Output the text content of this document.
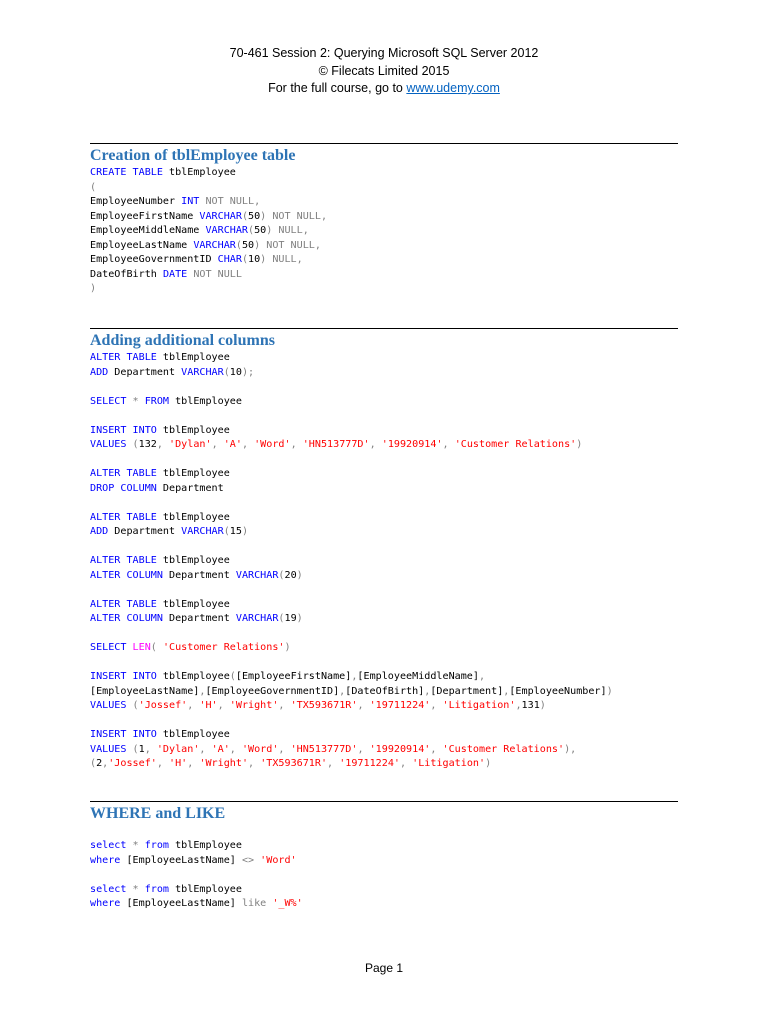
70-461 Session 2: Querying Microsoft SQL Server 2012
© Filecats Limited 2015
For the full course, go to www.udemy.com
Creation of tblEmployee table
CREATE TABLE tblEmployee
(
EmployeeNumber INT NOT NULL,
EmployeeFirstName VARCHAR(50) NOT NULL,
EmployeeMiddleName VARCHAR(50) NULL,
EmployeeLastName VARCHAR(50) NOT NULL,
EmployeeGovernmentID CHAR(10) NULL,
DateOfBirth DATE NOT NULL
)
Adding additional columns
ALTER TABLE tblEmployee
ADD Department VARCHAR(10);
SELECT * FROM tblEmployee
INSERT INTO tblEmployee
VALUES (132, 'Dylan', 'A', 'Word', 'HN513777D', '19920914', 'Customer Relations')
ALTER TABLE tblEmployee
DROP COLUMN Department
ALTER TABLE tblEmployee
ADD Department VARCHAR(15)
ALTER TABLE tblEmployee
ALTER COLUMN Department VARCHAR(20)
ALTER TABLE tblEmployee
ALTER COLUMN Department VARCHAR(19)
SELECT LEN( 'Customer Relations')
INSERT INTO tblEmployee([EmployeeFirstName],[EmployeeMiddleName],
[EmployeeLastName],[EmployeeGovernmentID],[DateOfBirth],[Department],[EmployeeNumber])
VALUES ('Jossef', 'H', 'Wright', 'TX593671R', '19711224', 'Litigation',131)
INSERT INTO tblEmployee
VALUES (1, 'Dylan', 'A', 'Word', 'HN513777D', '19920914', 'Customer Relations'),
(2,'Jossef', 'H', 'Wright', 'TX593671R', '19711224', 'Litigation')
WHERE and LIKE
select * from tblEmployee
where [EmployeeLastName] <> 'Word'
select * from tblEmployee
where [EmployeeLastName] like '_W%'
Page 1
